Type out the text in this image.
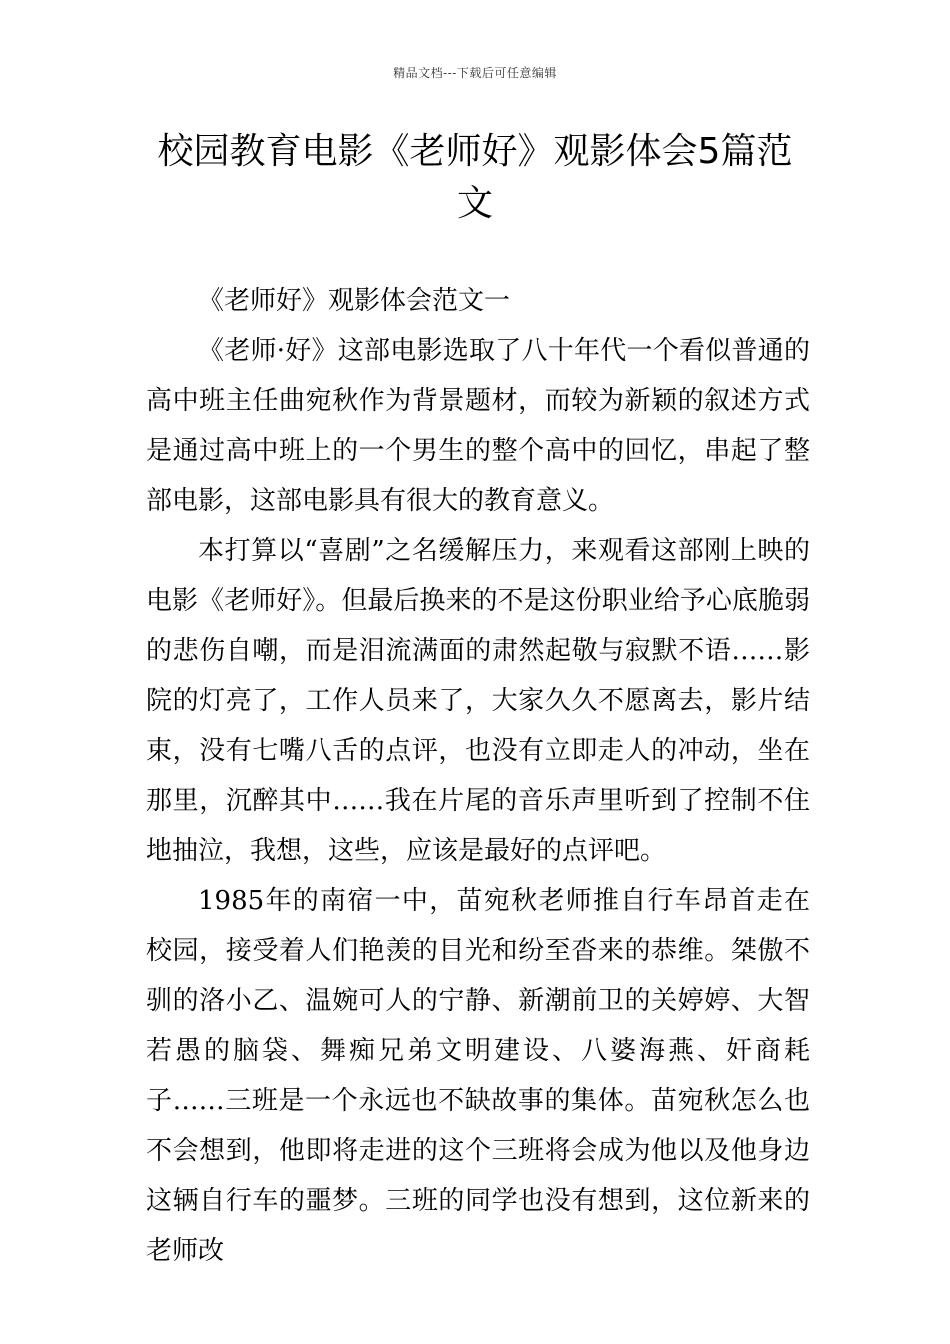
精品文档---下载后可任意编辑
校园教育电影《老师好》观影体会5篇范文

《老师好》观影体会范文一

《老师·好》这部电影选取了八十年代一个看似普通的高中班主任曲宛秋作为背景题材，而较为新颖的叙述方式是通过高中班上的一个男生的整个高中的回忆，串起了整部电影，这部电影具有很大的教育意义。

本打算以“喜剧”之名缓解压力，来观看这部刚上映的电影《老师好》。但最后换来的不是这份职业给予心底脆弱的悲伤自嘲，而是泪流满面的肃然起敬与寂默不语……影院的灯亮了，工作人员来了，大家久久不愿离去，影片结束，没有七嘴八舌的点评，也没有立即走人的冲动，坐在那里，沉醉其中……我在片尾的音乐声里听到了控制不住地抽泣，我想，这些，应该是最好的点评吧。

1985年的南宿一中，苗宛秋老师推自行车昂首走在校园，接受着人们艳羡的目光和纷至沓来的恭维。桀傲不驯的洛小乙、温婉可人的宁静、新潮前卫的关婷婷、大智若愚的脑袋、舞痴兄弟文明建设、八婆海燕、奸商耗子……三班是一个永远也不缺故事的集体。苗宛秋怎么也不会想到，他即将走进的这个三班将会成为他以及他身边这辆自行车的噩梦。三班的同学也没有想到，这位新来的老师改
